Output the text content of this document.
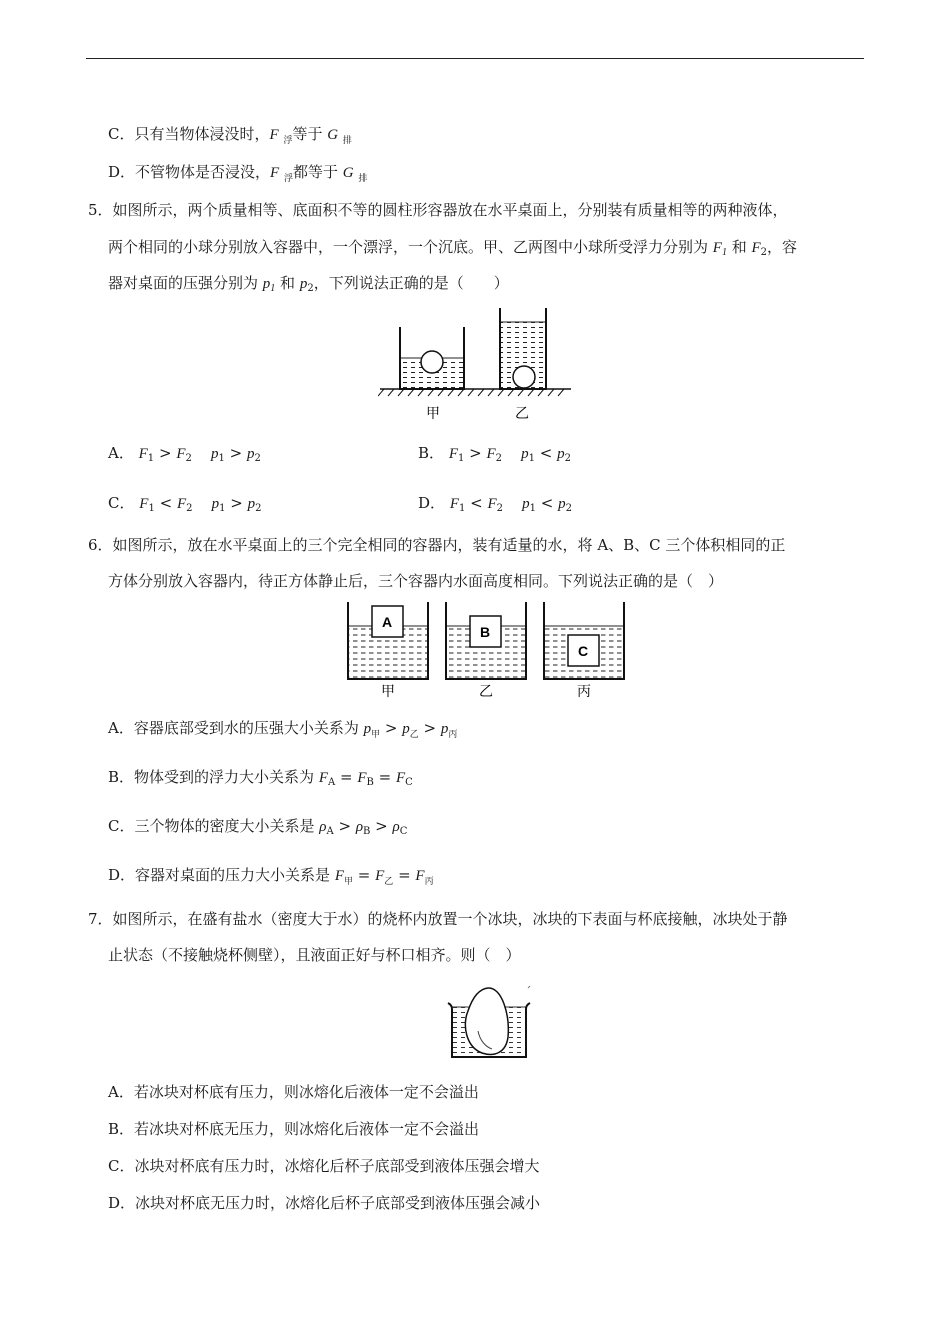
C．只有当物体浸没时，F $_浮$等于 G $_排$
D．不管物体是否浸没，F $_浮$都等于 G $_排$
5．如图所示，两个质量相等、底面积不等的圆柱形容器放在水平桌面上，分别装有质量相等的两种液体，
两个相同的小球分别放入容器中，一个漂浮，一个沉底。甲、乙两图中小球所受浮力分别为 $F_1$ 和 $F_2$，容
器对桌面的压强分别为 $p_1$ 和 $p_2$，下列说法正确的是（　　）
甲	乙
A． $F_1 > F_2$ $p_1 > p_2$	B． $F_1 > F_2$ $p_1 < p_2$
C． $F_1 < F_2$ $p_1 > p_2$	D． $F_1 < F_2$ $p_1 < p_2$
6．如图所示，放在水平桌面上的三个完全相同的容器内，装有适量的水，将 A、B、C 三个体积相同的正
方体分别放入容器内，待正方体静止后，三个容器内水面高度相同。下列说法正确的是（　）
A
B
C
甲	乙	丙
A．容器底部受到水的压强大小关系为 $p_甲 > p_乙 > p_丙$
B．物体受到的浮力大小关系为 $F_A = F_B = F_C$
C．三个物体的密度大小关系是 $\rho_A > \rho_B > \rho_C$
D．容器对桌面的压力大小关系是 $F_甲 = F_乙 = F_丙$
7．如图所示，在盛有盐水（密度大于水）的烧杯内放置一个冰块，冰块的下表面与杯底接触，冰块处于静
止状态（不接触烧杯侧壁），且液面正好与杯口相齐。则（　）
A．若冰块对杯底有压力，则冰熔化后液体一定不会溢出
B．若冰块对杯底无压力，则冰熔化后液体一定不会溢出
C．冰块对杯底有压力时，冰熔化后杯子底部受到液体压强会增大
D．冰块对杯底无压力时，冰熔化后杯子底部受到液体压强会减小
